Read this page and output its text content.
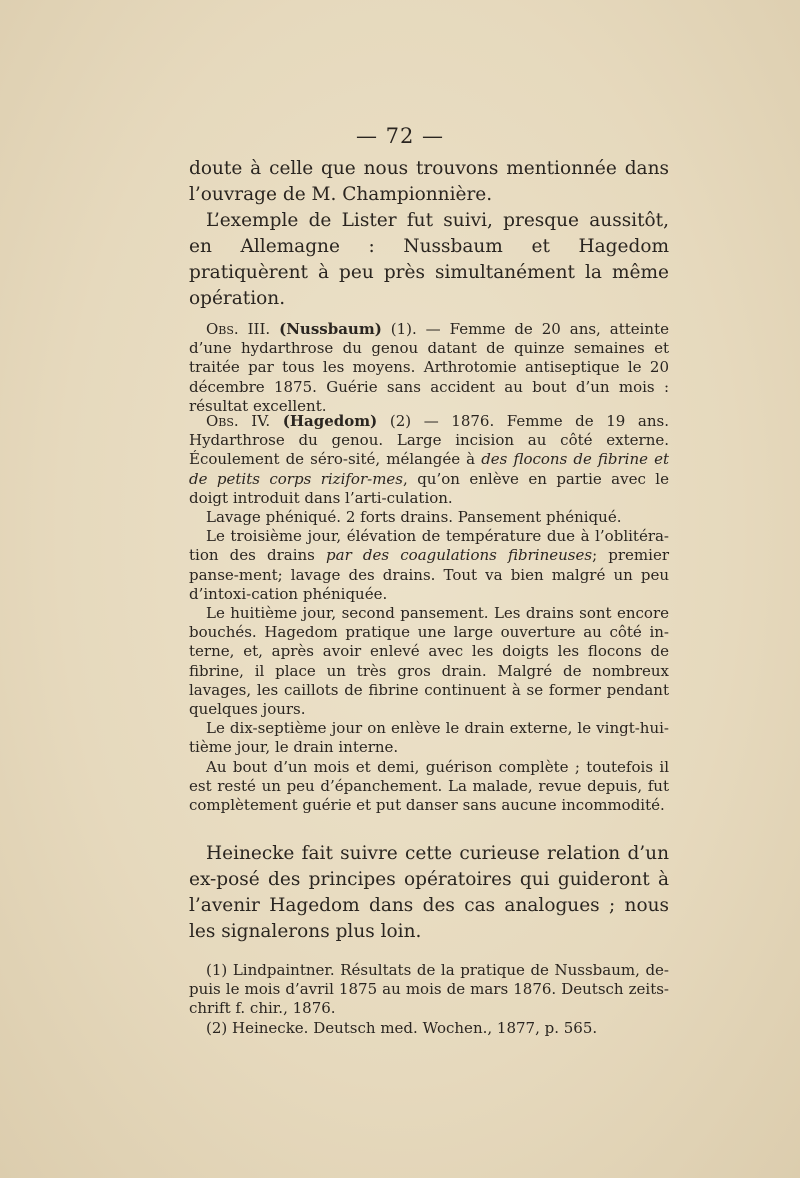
— 72 —

doute à celle que nous trouvons mentionnée dans

l’ouvrage de M. Championnière.

L’exemple de Lister fut suivi, presque aussitôt, en Allemagne : Nussbaum et Hagedom pratiquèrent à peu près simultanément la même opération.

Obs. III. (Nussbaum) (1). — Femme de 20 ans, atteinte d’une hydarthrose du genou datant de quinze semaines et traitée par tous les moyens. Arthrotomie antiseptique le 20 décembre 1875. Guérie sans accident au bout d’un mois : résultat excellent.

Obs. IV. (Hagedom) (2) — 1876. Femme de 19 ans. Hydarthrose du genou. Large incision au côté externe. Écoulement de séro-sité, mélangée à des flocons de fibrine et de petits corps rizifor-mes, qu’on enlève en partie avec le doigt introduit dans l’arti-culation.

Lavage phéniqué. 2 forts drains. Pansement phéniqué.

Le troisième jour, élévation de température due à l’oblitéra-tion des drains par des coagulations fibrineuses; premier panse-ment; lavage des drains. Tout va bien malgré un peu d’intoxi-cation phéniquée.

Le huitième jour, second pansement. Les drains sont encore bouchés. Hagedom pratique une large ouverture au côté in-terne, et, après avoir enlevé avec les doigts les flocons de fibrine, il place un très gros drain. Malgré de nombreux lavages, les caillots de fibrine continuent à se former pendant quelques jours.

Le dix-septième jour on enlève le drain externe, le vingt-hui-tième jour, le drain interne.

Au bout d’un mois et demi, guérison complète ; toutefois il est resté un peu d’épanchement. La malade, revue depuis, fut complètement guérie et put danser sans aucune incommodité.

Heinecke fait suivre cette curieuse relation d’un ex-posé des principes opératoires qui guideront à l’avenir Hagedom dans des cas analogues ; nous les signalerons plus loin.

(1) Lindpaintner. Résultats de la pratique de Nussbaum, de-puis le mois d’avril 1875 au mois de mars 1876. Deutsch zeits-chrift f. chir., 1876.

(2) Heinecke. Deutsch med. Wochen., 1877, p. 565.
